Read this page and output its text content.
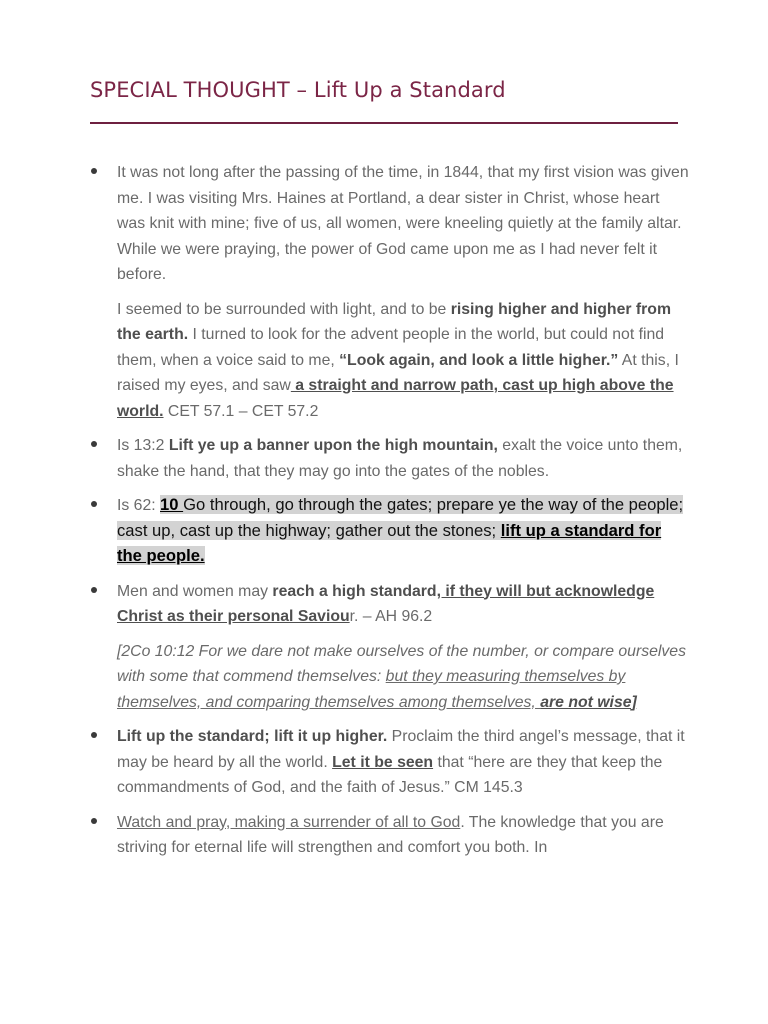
SPECIAL THOUGHT – Lift Up a Standard

It was not long after the passing of the time, in 1844, that my first vision was given me. I was visiting Mrs. Haines at Portland, a dear sister in Christ, whose heart was knit with mine; five of us, all women, were kneeling quietly at the family altar. While we were praying, the power of God came upon me as I had never felt it before.

I seemed to be surrounded with light, and to be rising higher and higher from the earth. I turned to look for the advent people in the world, but could not find them, when a voice said to me, “Look again, and look a little higher.” At this, I raised my eyes, and saw a straight and narrow path, cast up high above the world. CET 57.1 – CET 57.2

Is 13:2 Lift ye up a banner upon the high mountain, exalt the voice unto them, shake the hand, that they may go into the gates of the nobles.

Is 62: 10 Go through, go through the gates; prepare ye the way of the people; cast up, cast up the highway; gather out the stones; lift up a standard for the people.

Men and women may reach a high standard, if they will but acknowledge Christ as their personal Saviour. – AH 96.2

[2Co 10:12 For we dare not make ourselves of the number, or compare ourselves with some that commend themselves: but they measuring themselves by themselves, and comparing themselves among themselves, are not wise]

Lift up the standard; lift it up higher. Proclaim the third angel’s message, that it may be heard by all the world. Let it be seen that “here are they that keep the commandments of God, and the faith of Jesus.” CM 145.3

Watch and pray, making a surrender of all to God. The knowledge that you are striving for eternal life will strengthen and comfort you both. In
